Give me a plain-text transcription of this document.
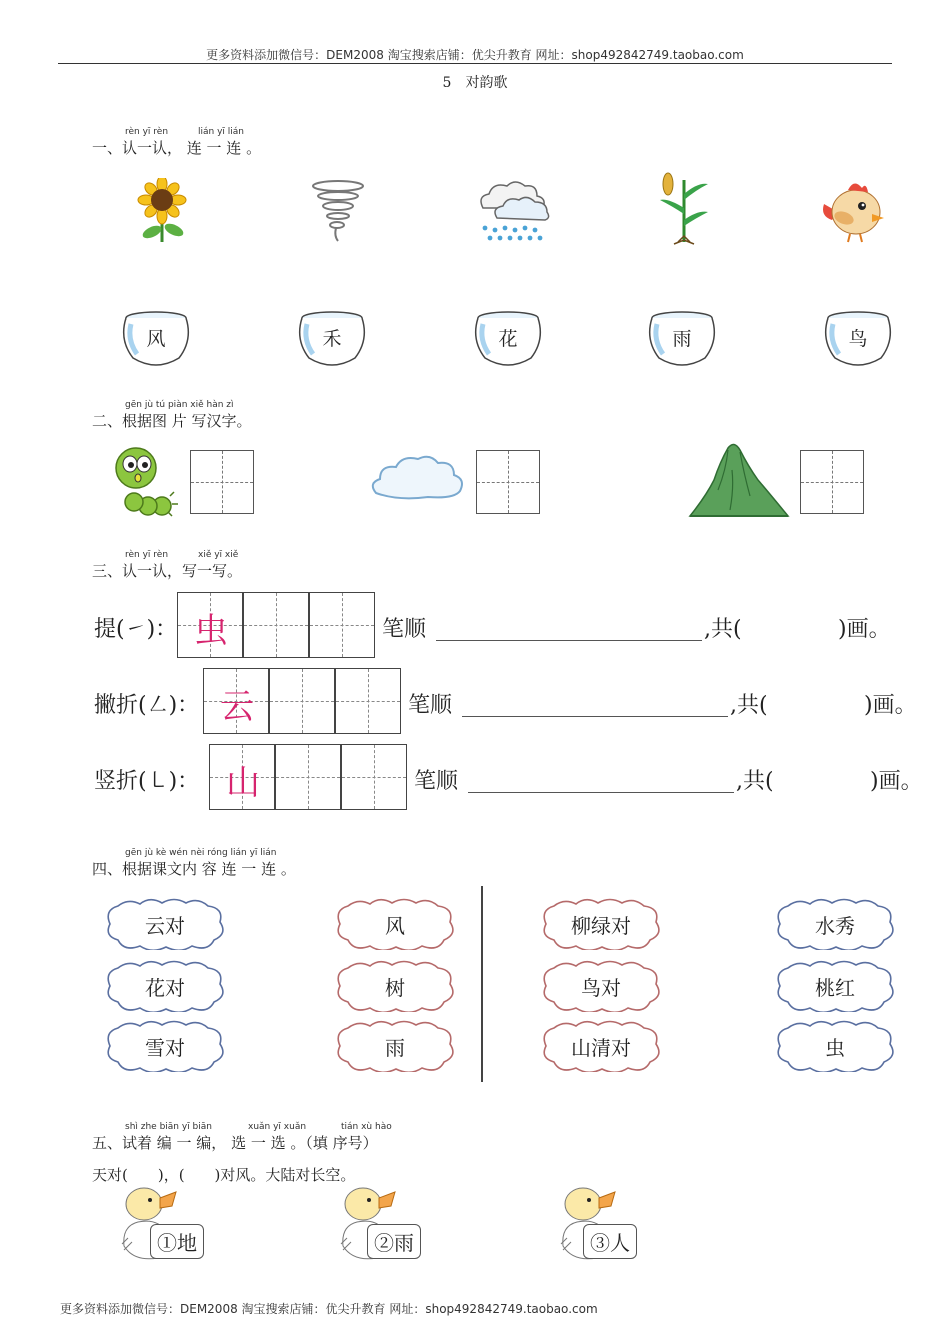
更多资料添加微信号：DEM2008 淘宝搜索店铺：优尖升教育 网址：shop492842749.taobao.com
5　对韵歌
rèn yī rèn	lián yī lián
一、认一认， 连 一 连 。
风	禾	花	雨	鸟
gēn jù tú piàn xiě hàn zì
二、根据图 片 写汉字。
rèn yī rèn	xiě yī xiě
三、认一认，写一写。
提(㇀)： 虫	笔顺	,共(	)画。
撇折(㇜)： 云	笔顺	,共(	)画。
竖折(㇄)： 山	笔顺	,共(	)画。
gēn jù kè wén nèi róng lián yī lián
四、根据课文内 容 连 一 连 。
云对
花对
雪对
风
树
雨
柳绿对
鸟对
山清对
水秀
桃红
虫
shì zhe biān yī biān	xuǎn yī xuǎn	tián xù hào
五、试着 编 一 编， 选 一 选 。（填 序号）
天对(　　)，(　　)对风。大陆对长空。
①地	②雨	③人
更多资料添加微信号：DEM2008 淘宝搜索店铺：优尖升教育 网址：shop492842749.taobao.com
